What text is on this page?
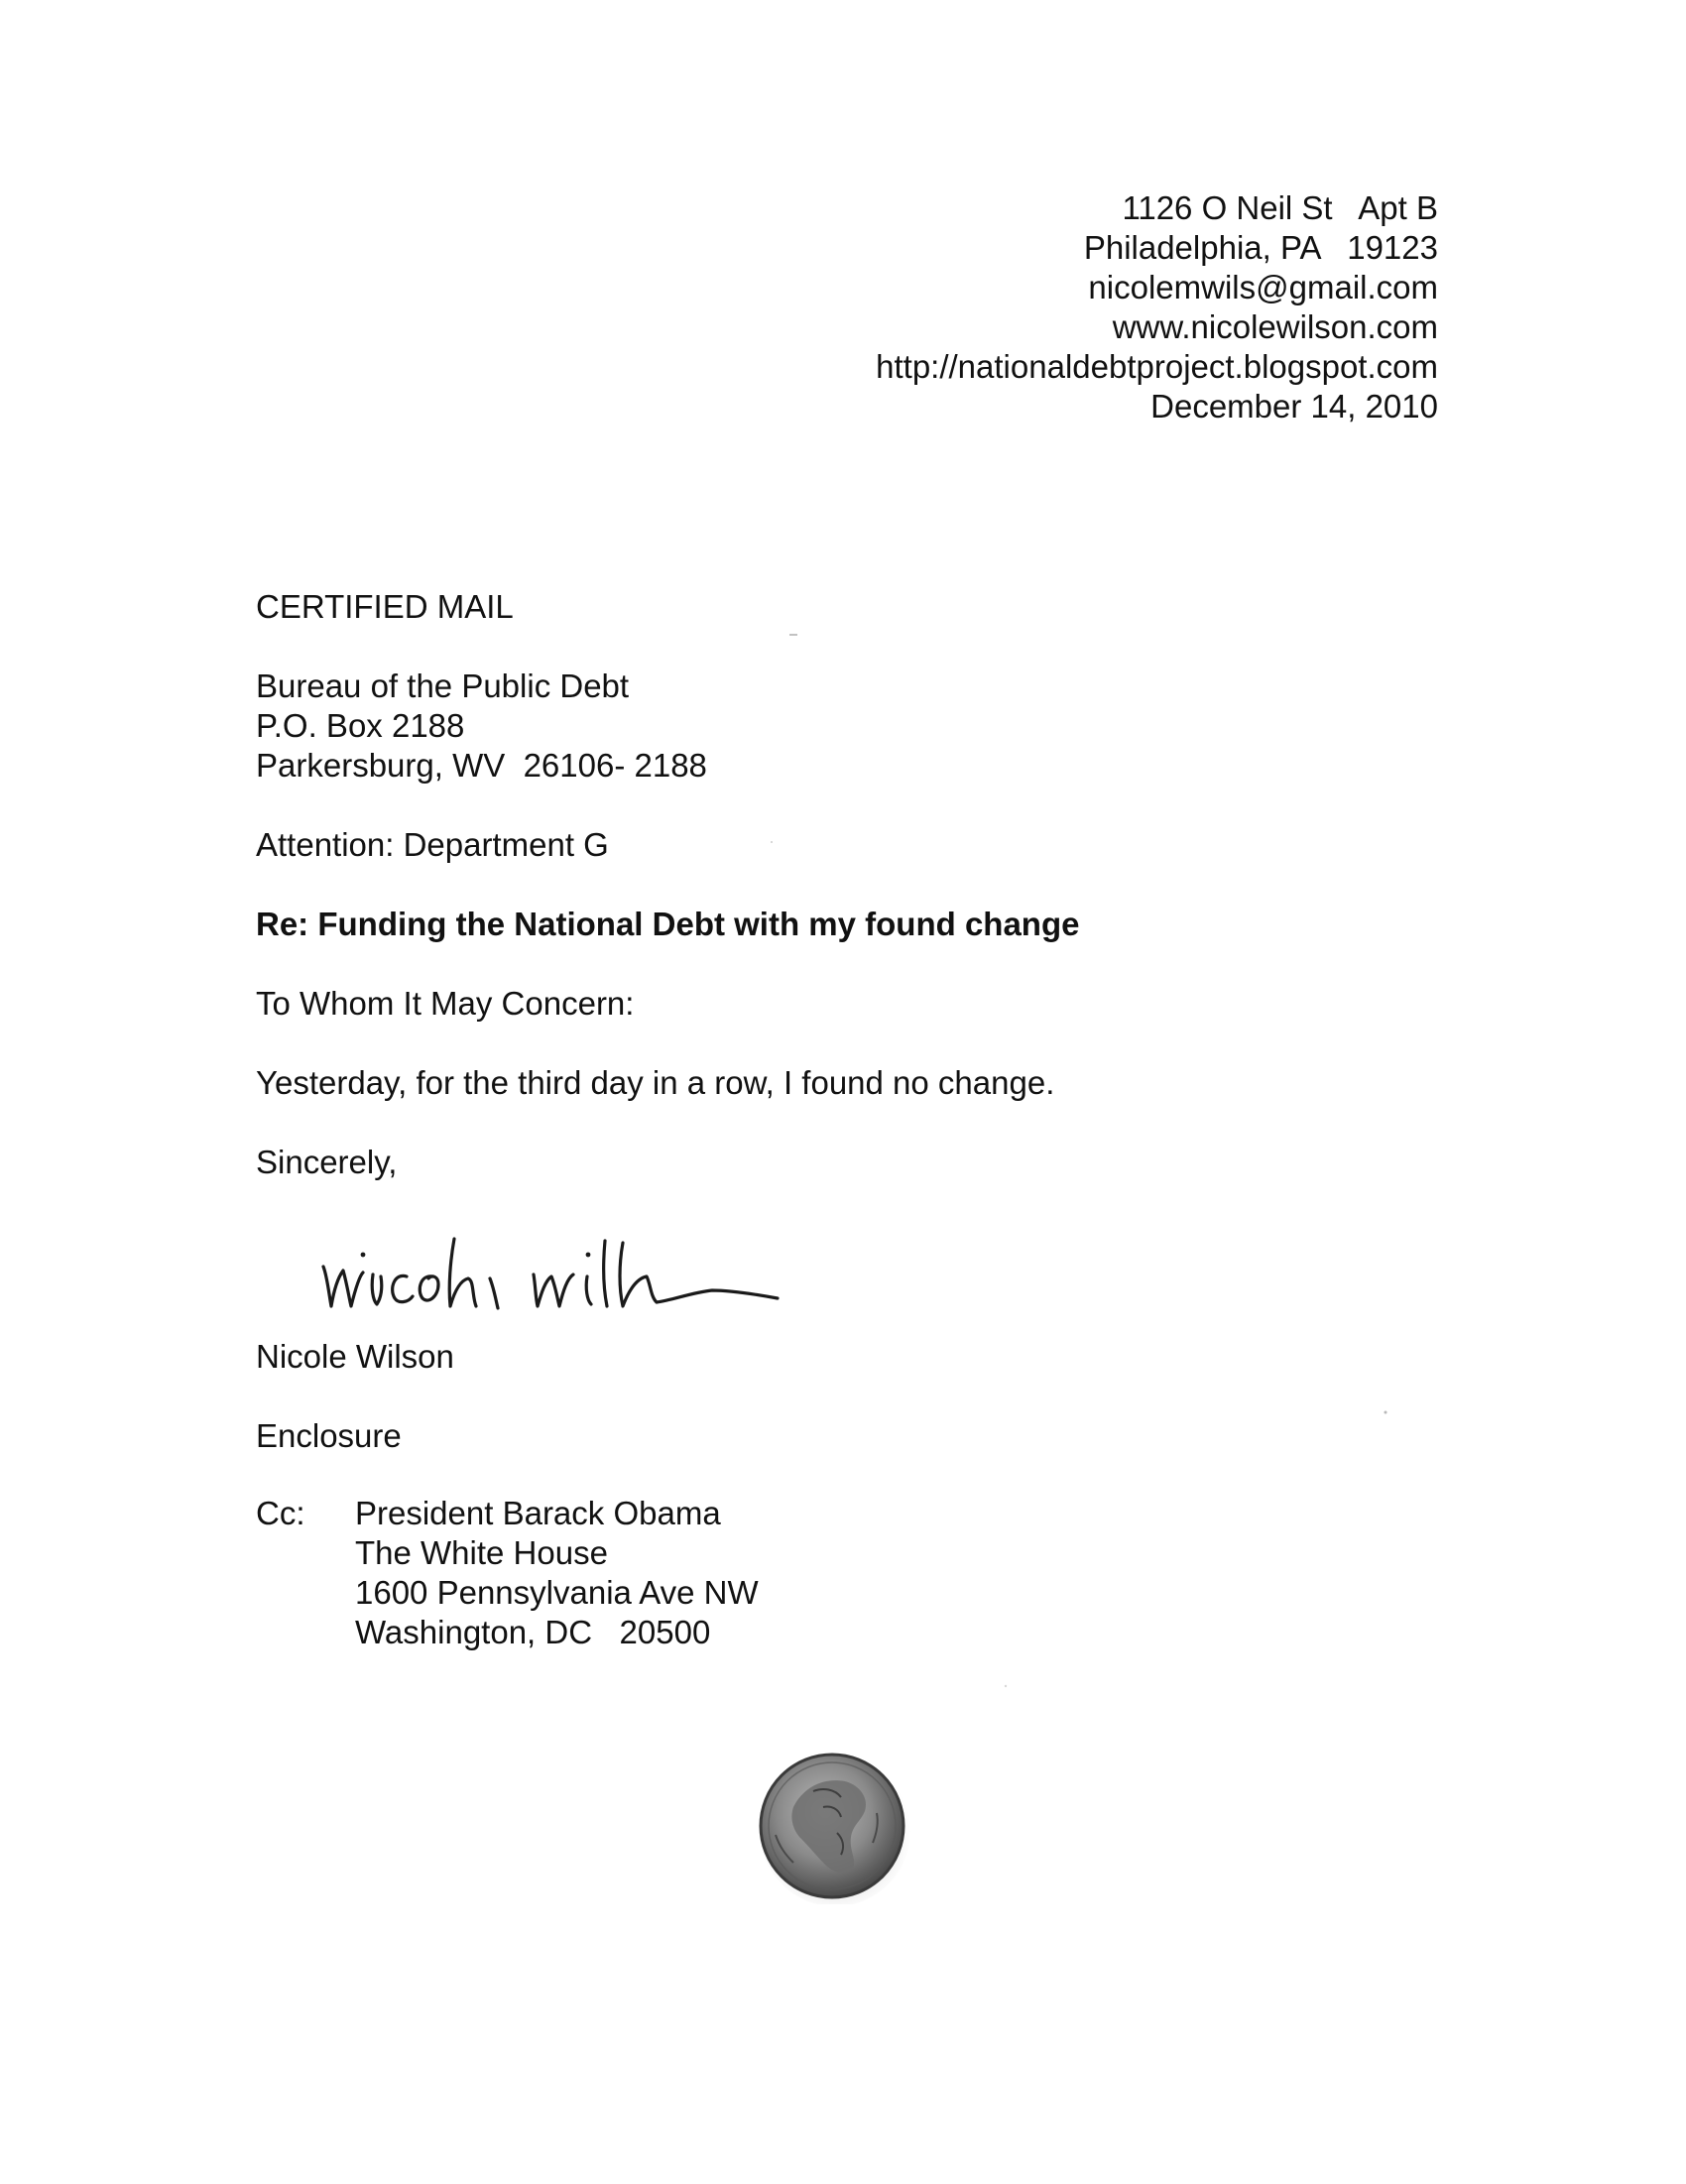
1126 O Neil St   Apt B
Philadelphia, PA   19123
nicolemwils@gmail.com
www.nicolewilson.com
http://nationaldebtproject.blogspot.com
December 14, 2010
CERTIFIED MAIL
Bureau of the Public Debt
P.O. Box 2188
Parkersburg, WV  26106- 2188
Attention: Department G
Re: Funding the National Debt with my found change
To Whom It May Concern:
Yesterday, for the third day in a row, I found no change.
Sincerely,
Nicole Wilson
Enclosure
Cc: President Barack Obama
The White House
1600 Pennsylvania Ave NW
Washington, DC   20500
